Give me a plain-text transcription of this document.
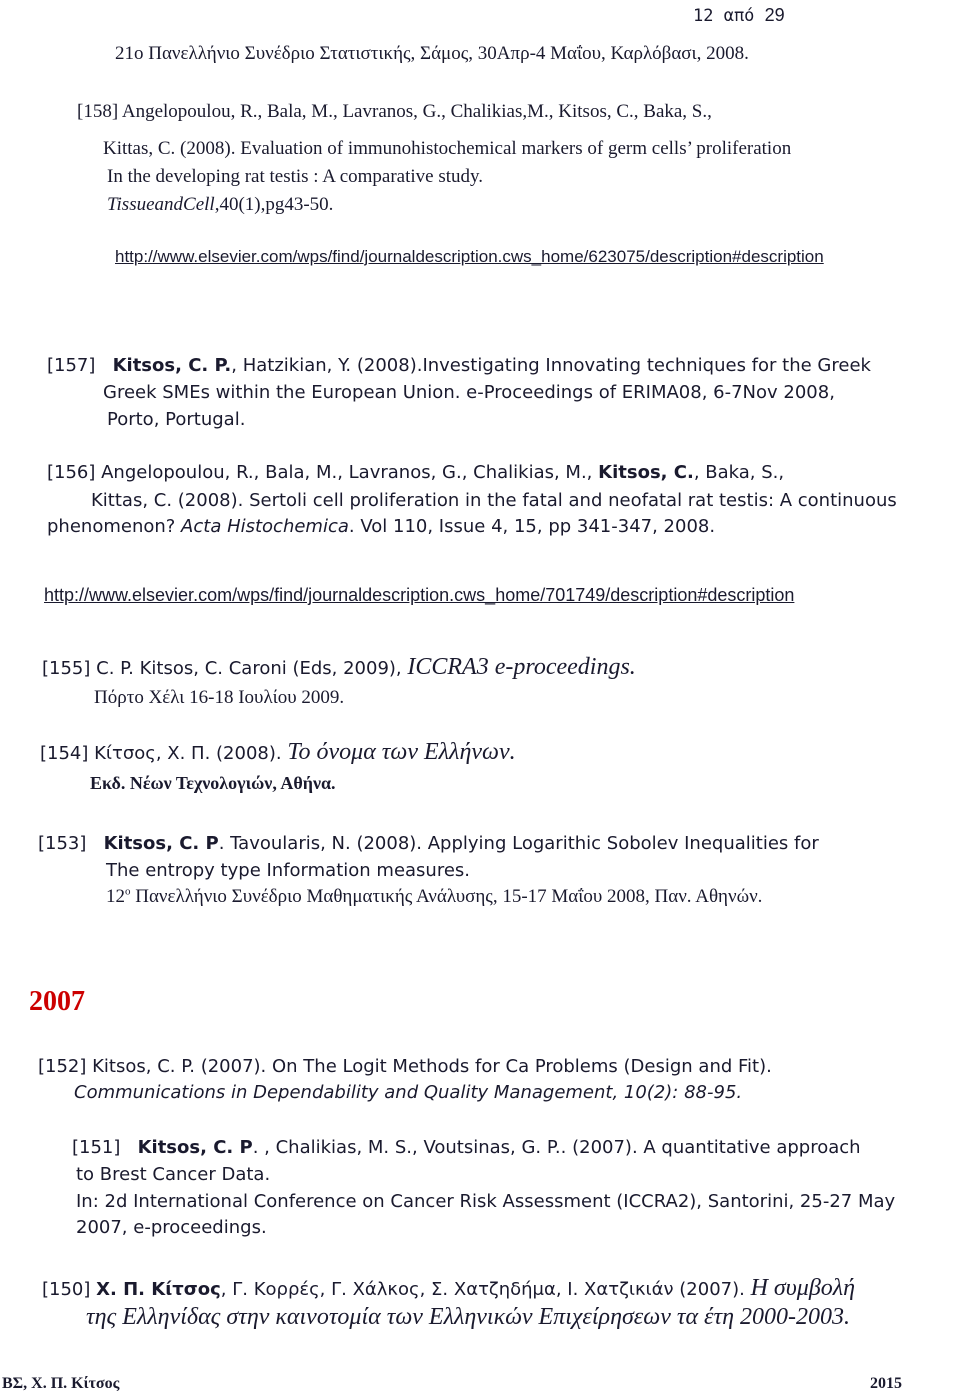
12 από 29
21ο Πανελλήνιο Συνέδριο Στατιστικής, Σάμος, 30Απρ-4 Μαΐου, Καρλόβασι, 2008.
[158] Angelopoulou, R., Bala, M., Lavranos, G., Chalikias,M., Kitsos, C., Baka, S.,
Kittas, C. (2008). Evaluation of immunohistochemical markers of germ cells’ proliferation
In the developing rat testis : A comparative study.
TissueandCell,40(1),pg43-50.
http://www.elsevier.com/wps/find/journaldescription.cws_home/623075/description#description
[157] Kitsos, C. P., Hatzikian, Y. (2008).Investigating Innovating techniques for the Greek
Greek SMEs within the European Union. e-Proceedings of ERIMA08, 6-7Nov 2008,
Porto, Portugal.
[156] Angelopoulou, R., Bala, M., Lavranos, G., Chalikias, M., Kitsos, C., Baka, S.,
Kittas, C. (2008). Sertoli cell proliferation in the fatal and neofatal rat testis: A continuous
phenomenon? Acta Histochemica. Vol 110, Issue 4, 15, pp 341-347, 2008.
http://www.elsevier.com/wps/find/journaldescription.cws_home/701749/description#description
[155] C. P. Kitsos, C. Caroni (Eds, 2009), ICCRA3 e-proceedings.
Πόρτο Χέλι 16-18 Ιουλίου 2009.
[154] Κίτσος, Χ. Π. (2008). Το όνομα των Ελλήνων.
Εκδ. Νέων Τεχνολογιών, Αθήνα.
[153] Kitsos, C. P. Tavoularis, N. (2008). Applying Logarithic Sobolev Inequalities for
The entropy type Information measures.
$12^o$ Πανελλήνιο Συνέδριο Μαθηματικής Ανάλυσης, 15-17 Μαΐου 2008, Παν. Αθηνών.
2007
[152] Kitsos, C. P. (2007). On The Logit Methods for Ca Problems (Design and Fit).
Communications in Dependability and Quality Management, 10(2): 88-95.
[151] Kitsos, C. P. , Chalikias, M. S., Voutsinas, G. P.. (2007). A quantitative approach
to Brest Cancer Data.
In: 2d International Conference on Cancer Risk Assessment (ICCRA2), Santorini, 25-27 May
2007, e-proceedings.
[150] Χ. Π. Κίτσος, Γ. Κορρές, Γ. Χάλκος, Σ. Χατζηδήμα, Ι. Χατζικιάν (2007). Η συμβολή
της Ελληνίδας στην καινοτομία των Ελληνικών Επιχείρησεων τα έτη 2000-2003.
ΒΣ, Χ. Π. Κίτσος	2015
